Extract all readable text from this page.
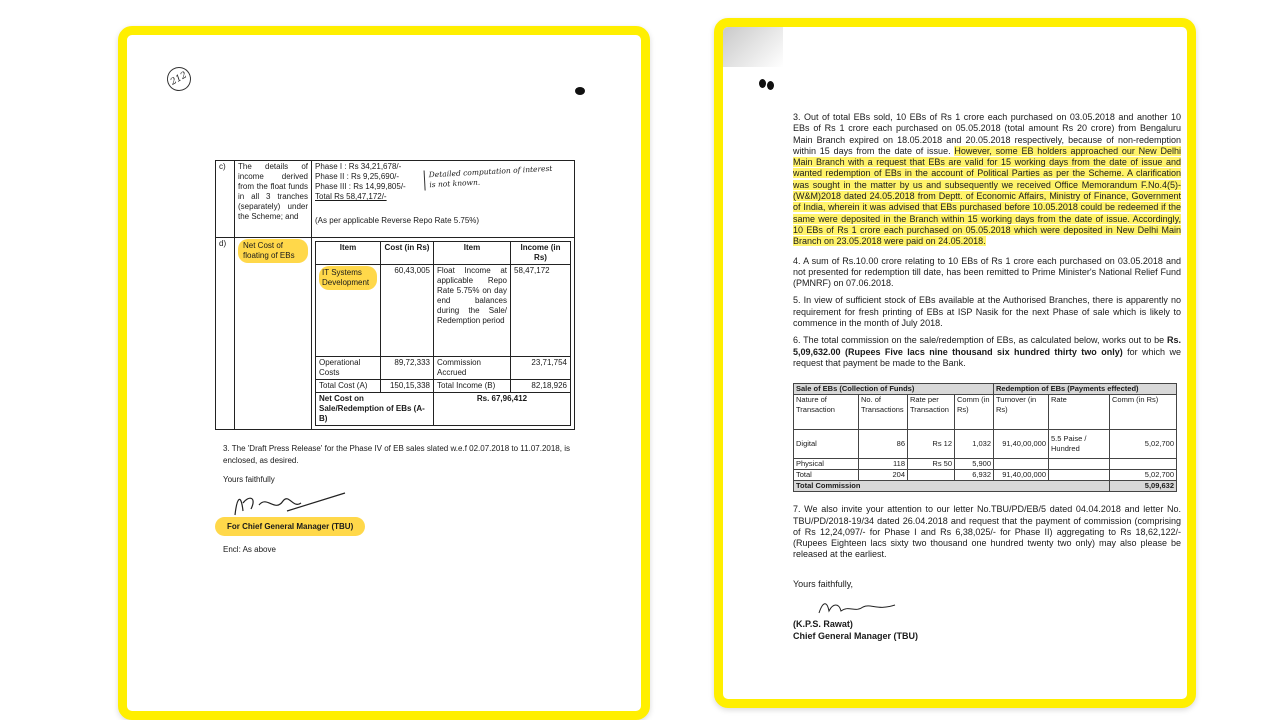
212
c)	The details of income derived from the float funds in all 3 tranches (separately) under the Scheme; and	
Phase I : Rs 34,21,678/-
Phase II : Rs 9,25,690/-
Phase III : Rs 14,99,805/-
Total Rs 58,47,172/-
(As per applicable Reverse Repo Rate 5.75%)
Detailed computation of interest is not known.

d)	Net Cost of floating of EBs	
Item	Cost (in Rs)	Item	Income (in Rs)
IT Systems Development	60,43,005	Float Income at applicable Repo Rate 5.75% on day end balances during the Sale/ Redemption period	58,47,172
Operational Costs	89,72,333	Commission Accrued	23,71,754
Total Cost (A)	150,15,338	Total Income (B)	82,18,926
Net Cost on Sale/Redemption of EBs (A-B)	Rs. 67,96,412
3. The 'Draft Press Release' for the Phase IV of EB sales slated w.e.f 02.07.2018 to 11.07.2018, is enclosed, as desired.
Yours faithfully
For Chief General Manager (TBU)
Encl: As above

3. Out of total EBs sold, 10 EBs of Rs 1 crore each purchased on 03.05.2018 and another 10 EBs of Rs 1 crore each purchased on 05.05.2018 (total amount Rs 20 crore) from Bengaluru Main Branch expired on 18.05.2018 and 20.05.2018 respectively, because of non-redemption within 15 days from the date of issue. However, some EB holders approached our New Delhi Main Branch with a request that EBs are valid for 15 working days from the date of issue and wanted redemption of EBs in the account of Political Parties as per the Scheme. A clarification was sought in the matter by us and subsequently we received Office Memorandum F.No.4(5)-(W&M)2018 dated 24.05.2018 from Deptt. of Economic Affairs, Ministry of Finance, Government of India, wherein it was advised that EBs purchased before 10.05.2018 could be redeemed if the same were deposited in the Branch within 15 working days from the date of issue. Accordingly, 10 EBs of Rs 1 crore each purchased on 05.05.2018 which were deposited in New Delhi Main Branch on 23.05.2018 were paid on 24.05.2018.

4. A sum of Rs.10.00 crore relating to 10 EBs of Rs 1 crore each purchased on 03.05.2018 and not presented for redemption till date, has been remitted to Prime Minister's National Relief Fund (PMNRF) on 07.06.2018.

5. In view of sufficient stock of EBs available at the Authorised Branches, there is apparently no requirement for fresh printing of EBs at ISP Nasik for the next Phase of sale which is likely to commence in the month of July 2018.

6. The total commission on the sale/redemption of EBs, as calculated below, works out to be Rs. 5,09,632.00 (Rupees Five lacs nine thousand six hundred thirty two only) for which we request that payment be made to the Bank.

Sale of EBs (Collection of Funds)				Redemption of EBs (Payments effected)		
Nature of Transaction	No. of Transactions	Rate per Transaction	Comm (in Rs)	Turnover (in Rs)	Rate	Comm (in Rs)
Digital	86	Rs 12	1,032	91,40,00,000	5.5 Paise / Hundred	5,02,700
Physical	118	Rs 50	5,900			
Total	204		6,932	91,40,00,000		5,02,700
Total Commission						5,09,632

7. We also invite your attention to our letter No.TBU/PD/EB/5 dated 04.04.2018 and letter No. TBU/PD/2018-19/34 dated 26.04.2018 and request that the payment of commission (comprising of Rs 12,24,097/- for Phase I and Rs 6,38,025/- for Phase II) aggregating to Rs 18,62,122/- (Rupees Eighteen lacs sixty two thousand one hundred twenty two only) may also please be released at the earliest.

Yours faithfully,
(K.P.S. Rawat)
Chief General Manager (TBU)
